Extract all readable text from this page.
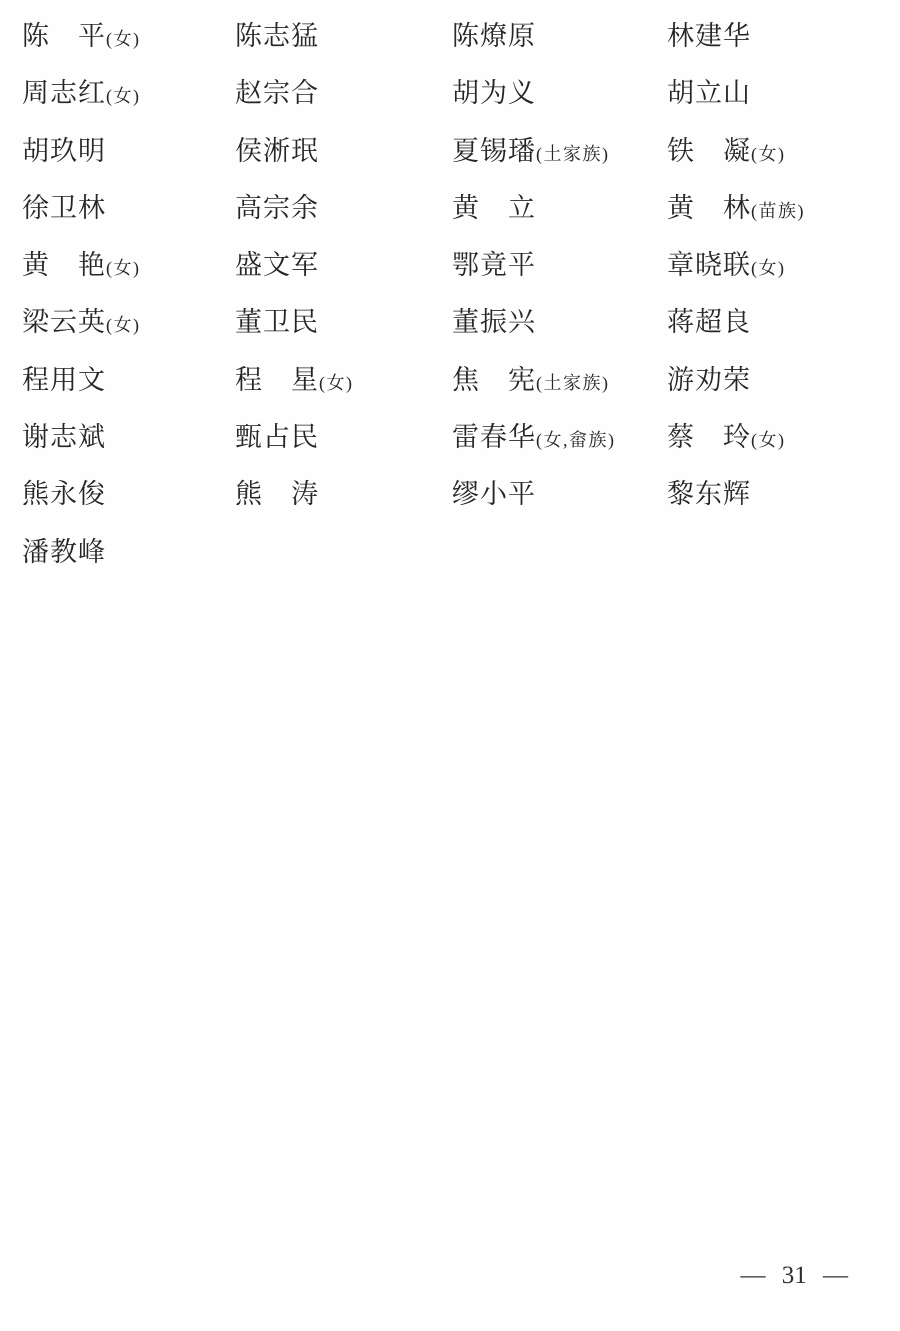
陈　平(女)	陈志猛	陈燎原	林建华
周志红(女)	赵宗合	胡为义	胡立山
胡玖明	侯淅珉	夏锡璠(土家族)	铁　凝(女)
徐卫林	高宗余	黄　立	黄　林(苗族)
黄　艳(女)	盛文军	鄂竟平	章晓联(女)
梁云英(女)	董卫民	董振兴	蒋超良
程用文	程　星(女)	焦　宪(土家族)	游劝荣
谢志斌	甄占民	雷春华(女,畲族)	蔡　玲(女)
熊永俊	熊　涛	缪小平	黎东辉
潘教峰
— 31 —
